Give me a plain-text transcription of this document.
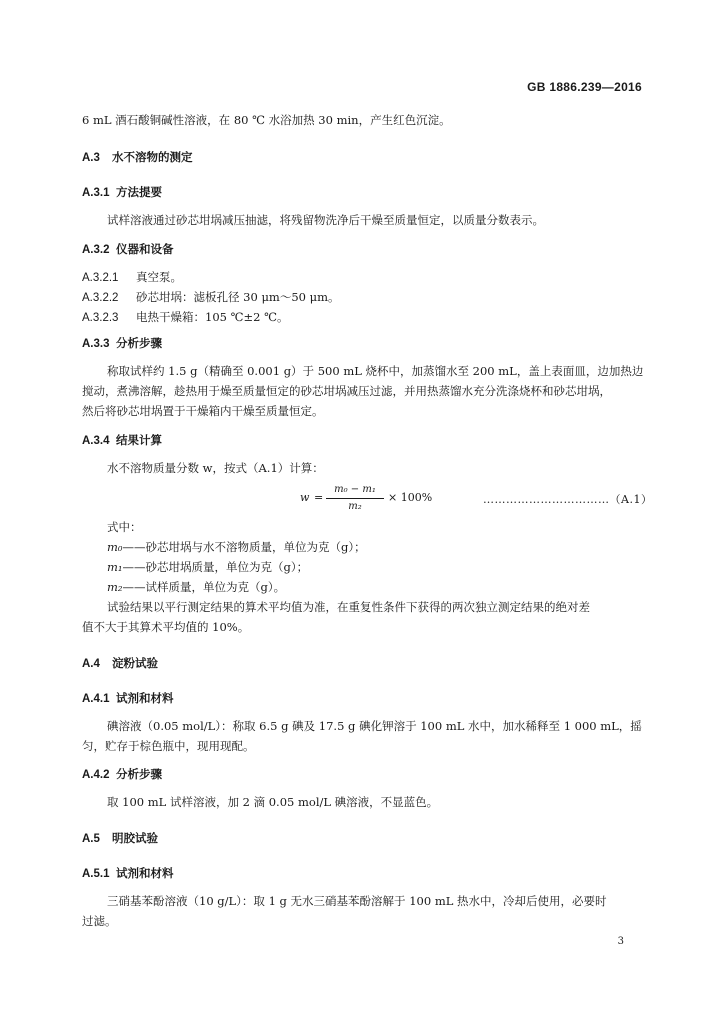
GB 1886.239—2016
6 mL 酒石酸铜碱性溶液，在 80 ℃ 水浴加热 30 min，产生红色沉淀。
A.3 水不溶物的测定
A.3.1 方法提要
试样溶液通过砂芯坩埚减压抽滤，将残留物洗净后干燥至质量恒定，以质量分数表示。
A.3.2 仪器和设备
A.3.2.1 真空泵。
A.3.2.2 砂芯坩埚：滤板孔径 30 μm～50 μm。
A.3.2.3 电热干燥箱：105 ℃±2 ℃。
A.3.3 分析步骤
称取试样约 1.5 g（精确至 0.001 g）于 500 mL 烧杯中，加蒸馏水至 200 mL，盖上表面皿，边加热边
搅动，煮沸溶解，趁热用于燥至质量恒定的砂芯坩埚减压过滤，并用热蒸馏水充分洗涤烧杯和砂芯坩埚，
然后将砂芯坩埚置于干燥箱内干燥至质量恒定。
A.3.4 结果计算
水不溶物质量分数 w，按式（A.1）计算：
w =
m₀ − m₁
m₂
× 100%	……………………………（A.1）
式中：
m₀——砂芯坩埚与水不溶物质量，单位为克（g）；
m₁——砂芯坩埚质量，单位为克（g）；
m₂——试样质量，单位为克（g）。
试验结果以平行测定结果的算术平均值为准，在重复性条件下获得的两次独立测定结果的绝对差
值不大于其算术平均值的 10%。
A.4 淀粉试验
A.4.1 试剂和材料
碘溶液（0.05 mol/L）：称取 6.5 g 碘及 17.5 g 碘化钾溶于 100 mL 水中，加水稀释至 1 000 mL，摇
匀，贮存于棕色瓶中，现用现配。
A.4.2 分析步骤
取 100 mL 试样溶液，加 2 滴 0.05 mol/L 碘溶液，不显蓝色。
A.5 明胶试验
A.5.1 试剂和材料
三硝基苯酚溶液（10 g/L）：取 1 g 无水三硝基苯酚溶解于 100 mL 热水中，冷却后使用，必要时
过滤。
3
